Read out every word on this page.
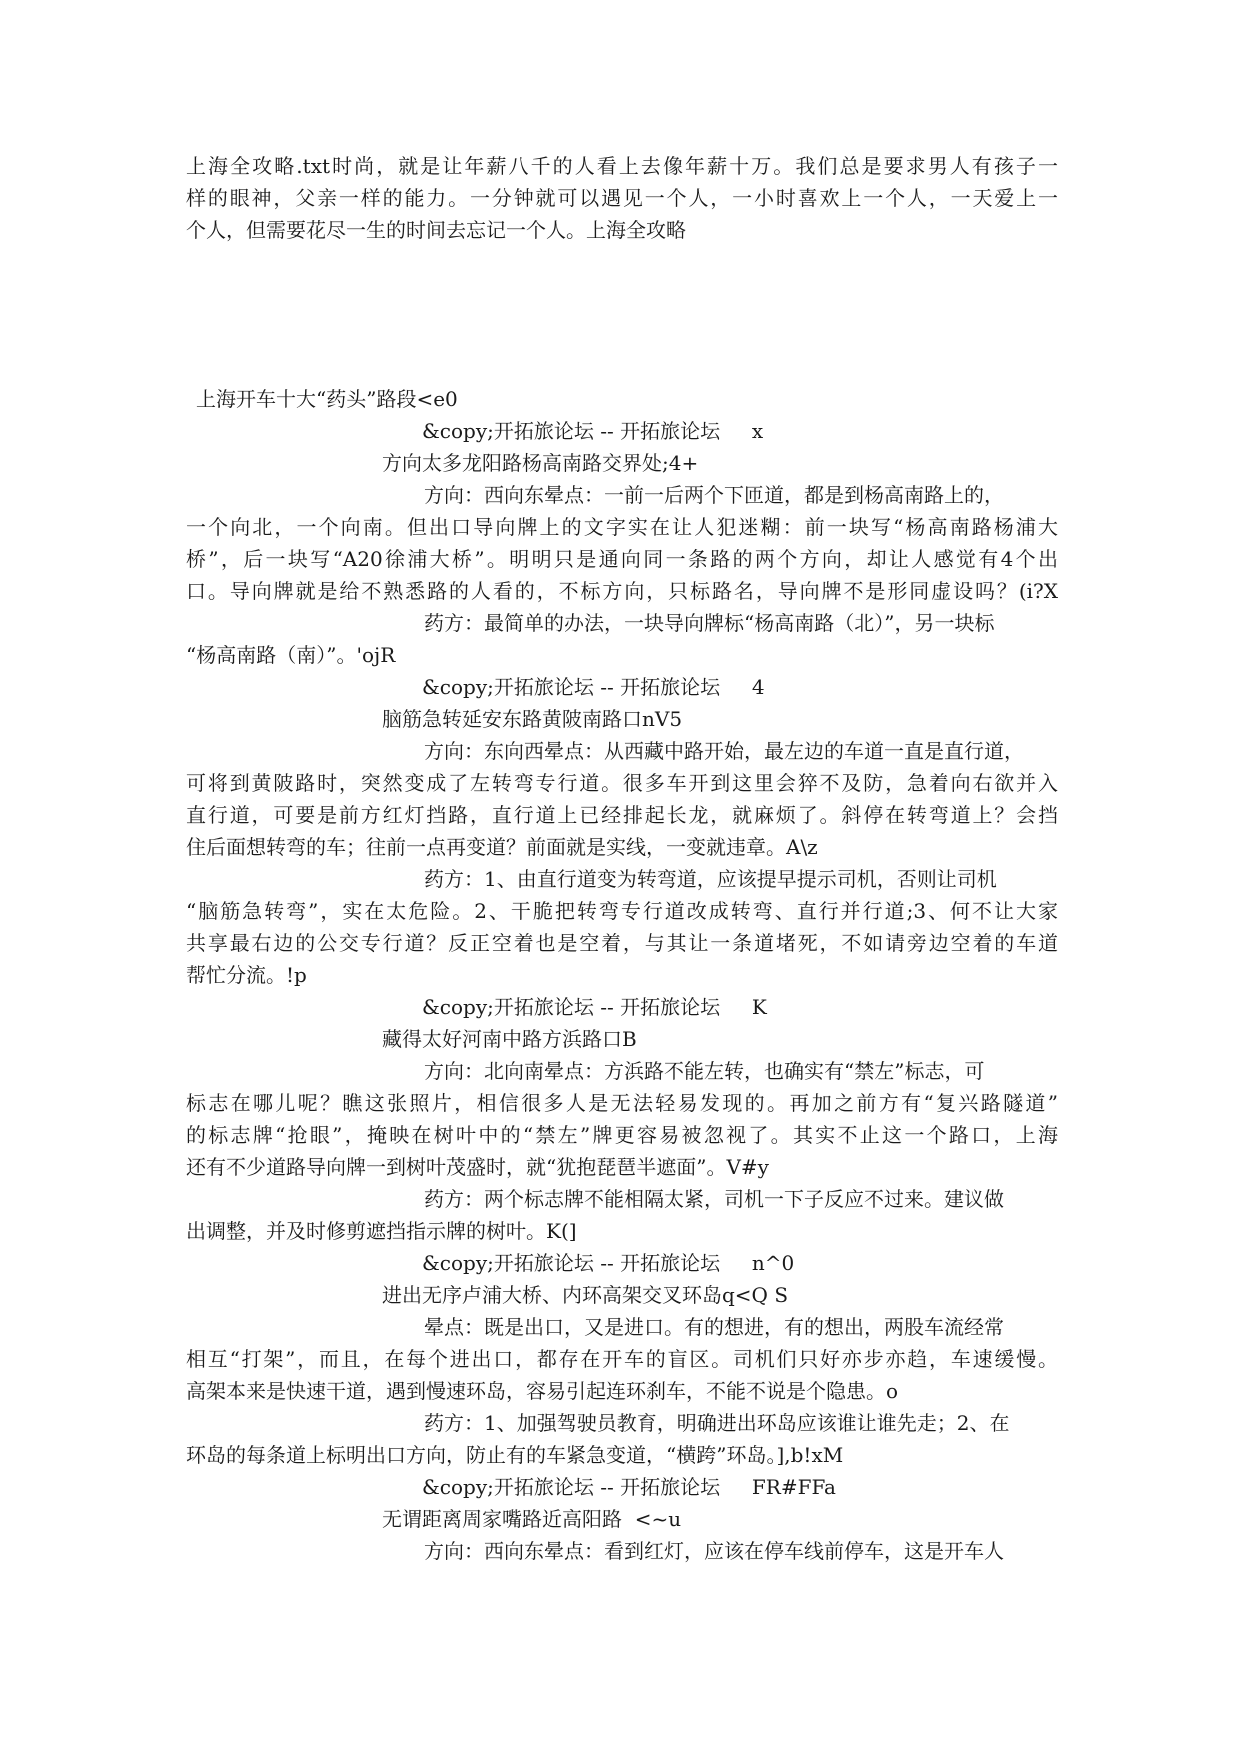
上海全攻略.txt时尚，就是让年薪八千的人看上去像年薪十万。我们总是要求男人有孩子一
样的眼神，父亲一样的能力。一分钟就可以遇见一个人，一小时喜欢上一个人，一天爱上一
个人，但需要花尽一生的时间去忘记一个人。上海全攻略
上海开车十大“药头”路段<e0
&copy;开拓旅论坛 -- 开拓旅论坛     x
方向太多龙阳路杨高南路交界处;4+
方向：西向东晕点：一前一后两个下匝道，都是到杨高南路上的，
一个向北，一个向南。但出口导向牌上的文字实在让人犯迷糊：前一块写“杨高南路杨浦大
桥”，后一块写“A20徐浦大桥”。明明只是通向同一条路的两个方向，却让人感觉有4个出
口。导向牌就是给不熟悉路的人看的，不标方向，只标路名，导向牌不是形同虚设吗？(i?X
药方：最简单的办法，一块导向牌标“杨高南路（北）”，另一块标
“杨高南路（南）”。'ojR
&copy;开拓旅论坛 -- 开拓旅论坛     4
脑筋急转延安东路黄陂南路口nV5
方向：东向西晕点：从西藏中路开始，最左边的车道一直是直行道，
可将到黄陂路时，突然变成了左转弯专行道。很多车开到这里会猝不及防，急着向右欲并入
直行道，可要是前方红灯挡路，直行道上已经排起长龙，就麻烦了。斜停在转弯道上？会挡
住后面想转弯的车；往前一点再变道？前面就是实线，一变就违章。A\z
药方：1、由直行道变为转弯道，应该提早提示司机，否则让司机
“脑筋急转弯”，实在太危险。2、干脆把转弯专行道改成转弯、直行并行道;3、何不让大家
共享最右边的公交专行道？反正空着也是空着，与其让一条道堵死，不如请旁边空着的车道
帮忙分流。!p
&copy;开拓旅论坛 -- 开拓旅论坛     K
藏得太好河南中路方浜路口B
方向：北向南晕点：方浜路不能左转，也确实有“禁左”标志，可
标志在哪儿呢？瞧这张照片，相信很多人是无法轻易发现的。再加之前方有“复兴路隧道”
的标志牌“抢眼”，掩映在树叶中的“禁左”牌更容易被忽视了。其实不止这一个路口，上海
还有不少道路导向牌一到树叶茂盛时，就“犹抱琵琶半遮面”。V#y
药方：两个标志牌不能相隔太紧，司机一下子反应不过来。建议做
出调整，并及时修剪遮挡指示牌的树叶。K(]
&copy;开拓旅论坛 -- 开拓旅论坛     n^0
进出无序卢浦大桥、内环高架交叉环岛q<Q S
晕点：既是出口，又是进口。有的想进，有的想出，两股车流经常
相互“打架”，而且，在每个进出口，都存在开车的盲区。司机们只好亦步亦趋，车速缓慢。
高架本来是快速干道，遇到慢速环岛，容易引起连环刹车，不能不说是个隐患。o
药方：1、加强驾驶员教育，明确进出环岛应该谁让谁先走；2、在
环岛的每条道上标明出口方向，防止有的车紧急变道，“横跨”环岛。],b!xM
&copy;开拓旅论坛 -- 开拓旅论坛     FR#FFa
无谓距离周家嘴路近高阳路  <~u
方向：西向东晕点：看到红灯，应该在停车线前停车，这是开车人
